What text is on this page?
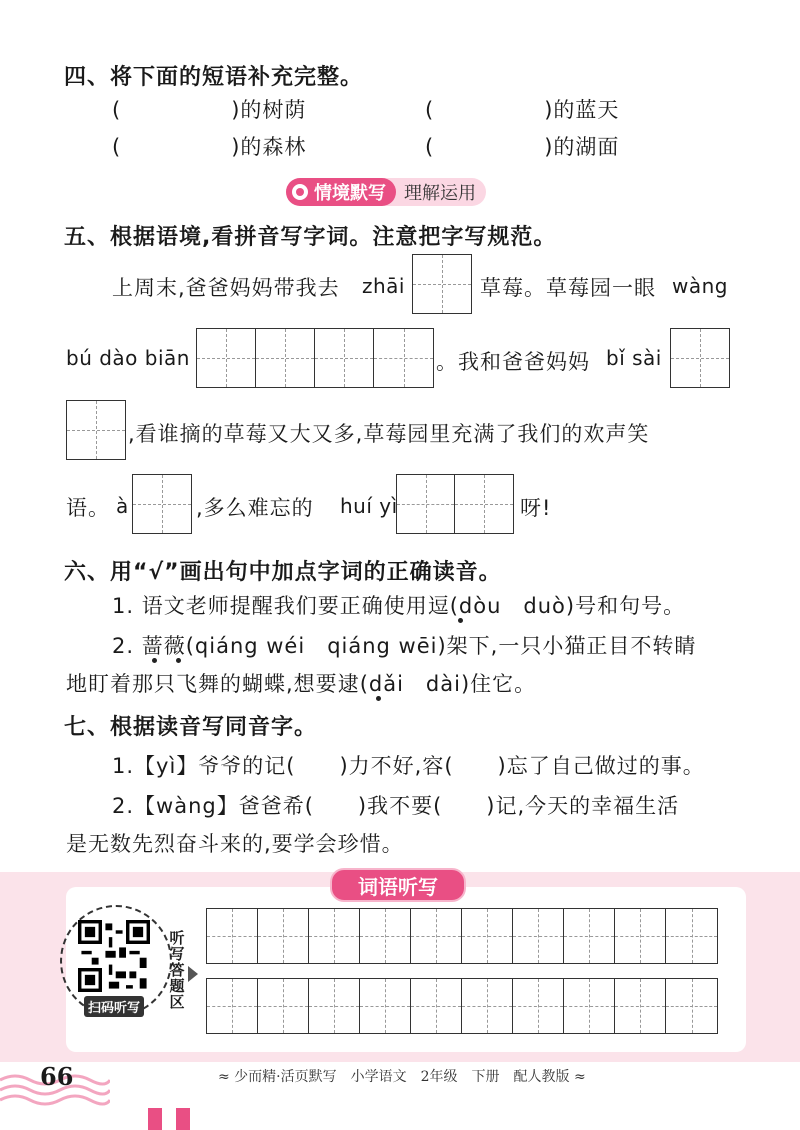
四、将下面的短语补充完整。
(　　　　　)的树荫	(　　　　　)的蓝天
(　　　　　)的森林	(　　　　　)的湖面
情境默写 理解运用
五、根据语境,看拼音写字词。注意把字写规范。
上周末,爸爸妈妈带我去 zhāi	草莓。草莓园一眼 wàng
bú dào biān	。我和爸爸妈妈 bǐ sài
,看谁摘的草莓又大又多,草莓园里充满了我们的欢声笑
语。 à	,多么难忘的 huí yì	呀!
六、用“√”画出句中加点字词的正确读音。
1. 语文老师提醒我们要正确使用逗(dòu　duò)号和句号。
2. 蔷薇(qiáng wéi　qiáng wēi)架下,一只小猫正目不转睛
地盯着那只飞舞的蝴蝶,想要逮(dǎi　dài)住它。
七、根据读音写同音字。
1.【yì】爷爷的记(　　)力不好,容(　　)忘了自己做过的事。
2.【wàng】爸爸希(　　)我不要(　　)记,今天的幸福生活
是无数先烈奋斗来的,要学会珍惜。
词语听写
扫码听写
听写答题区
66	≈ 少而精·活页默写　小学语文　2年级　下册　配人教版 ≈
